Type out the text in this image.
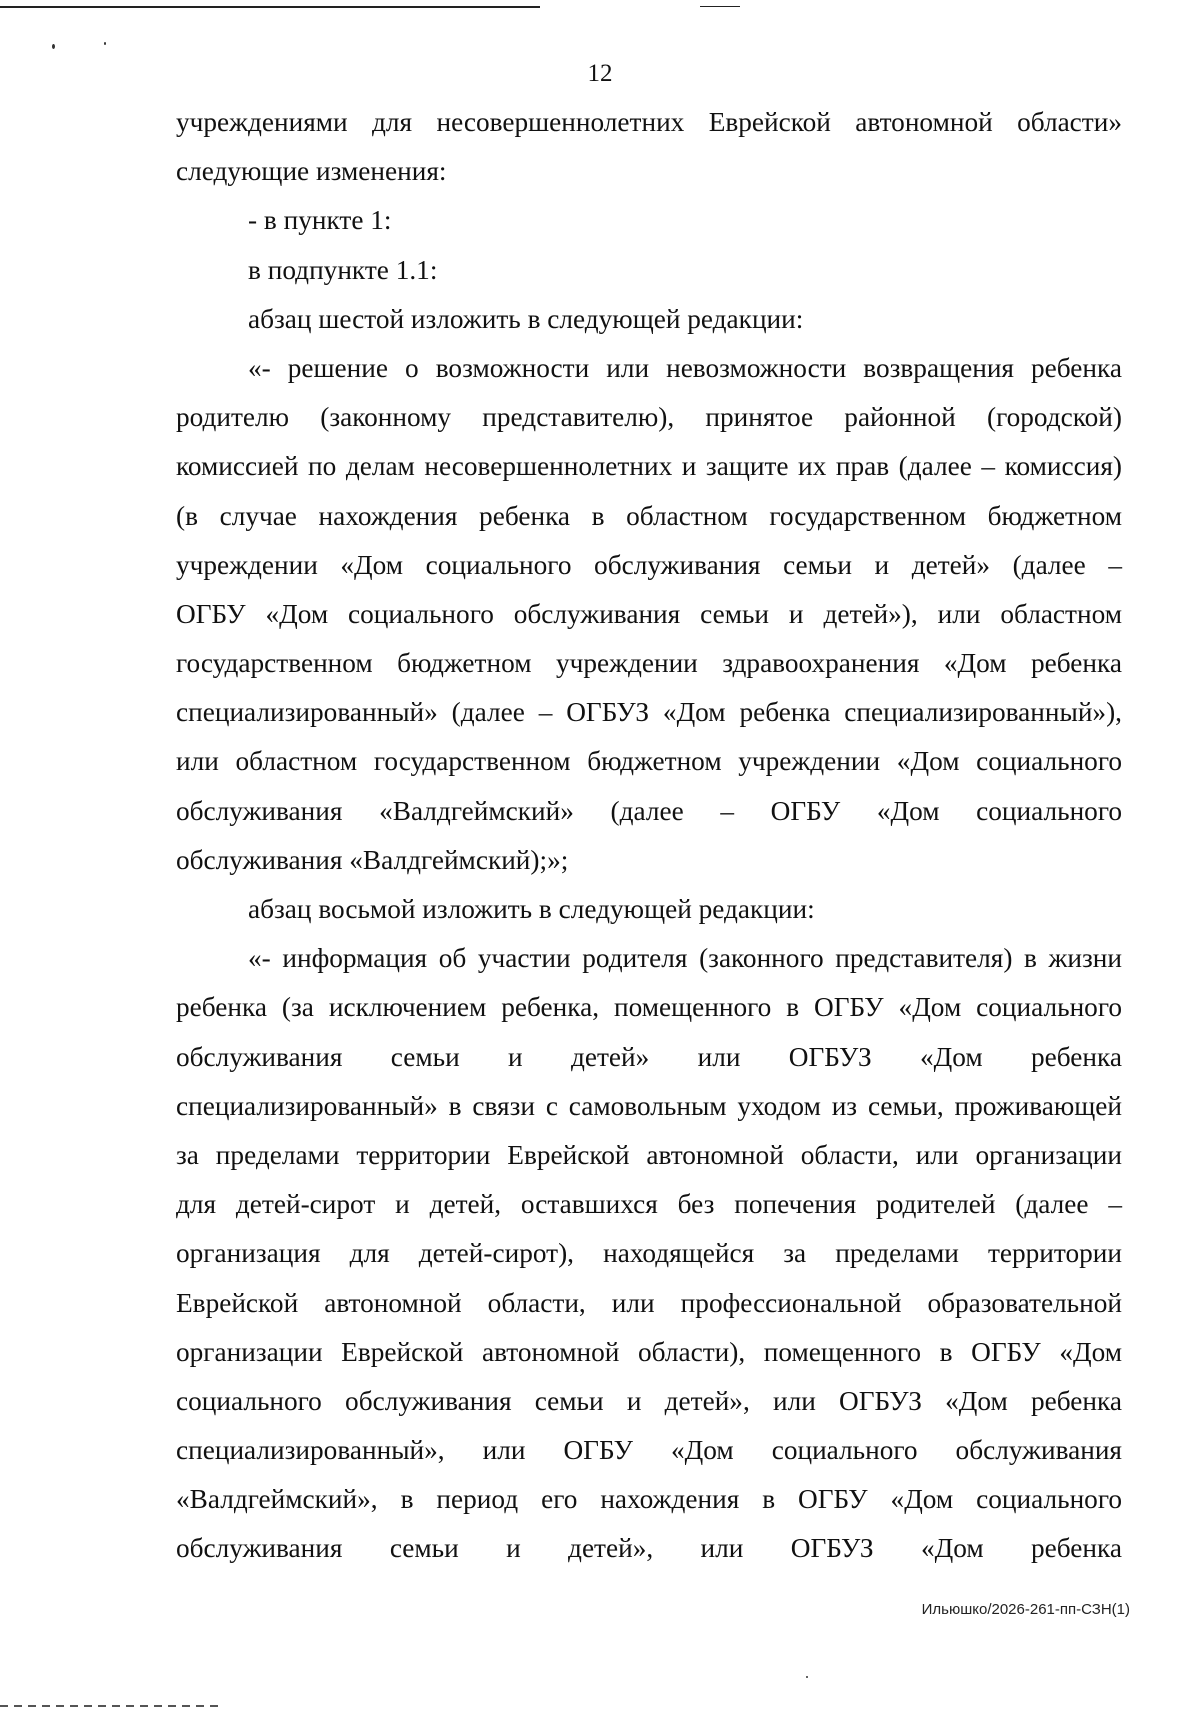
12
учреждениями для несовершеннолетних Еврейской автономной области»
следующие изменения:
- в пункте 1:
в подпункте 1.1:
абзац шестой изложить в следующей редакции:
«- решение о возможности или невозможности возвращения ребенка
родителю (законному представителю), принятое районной (городской)
комиссией по делам несовершеннолетних и защите их прав (далее – комиссия)
(в случае нахождения ребенка в областном государственном бюджетном
учреждении «Дом социального обслуживания семьи и детей» (далее –
ОГБУ «Дом социального обслуживания семьи и детей»), или областном
государственном бюджетном учреждении здравоохранения «Дом ребенка
специализированный» (далее – ОГБУЗ «Дом ребенка специализированный»),
или областном государственном бюджетном учреждении «Дом социального
обслуживания «Валдгеймский» (далее – ОГБУ «Дом социального
обслуживания «Валдгеймский);»;
абзац восьмой изложить в следующей редакции:
«- информация об участии родителя (законного представителя) в жизни
ребенка (за исключением ребенка, помещенного в ОГБУ «Дом социального
обслуживания семьи и детей» или ОГБУЗ «Дом ребенка
специализированный» в связи с самовольным уходом из семьи, проживающей
за пределами территории Еврейской автономной области, или организации
для детей-сирот и детей, оставшихся без попечения родителей (далее –
организация для детей-сирот), находящейся за пределами территории
Еврейской автономной области, или профессиональной образовательной
организации Еврейской автономной области), помещенного в ОГБУ «Дом
социального обслуживания семьи и детей», или ОГБУЗ «Дом ребенка
специализированный», или ОГБУ «Дом социального обслуживания
«Валдгеймский», в период его нахождения в ОГБУ «Дом социального
обслуживания семьи и детей», или ОГБУЗ «Дом ребенка
Ильюшко/2026-261-пп-СЗН(1)
